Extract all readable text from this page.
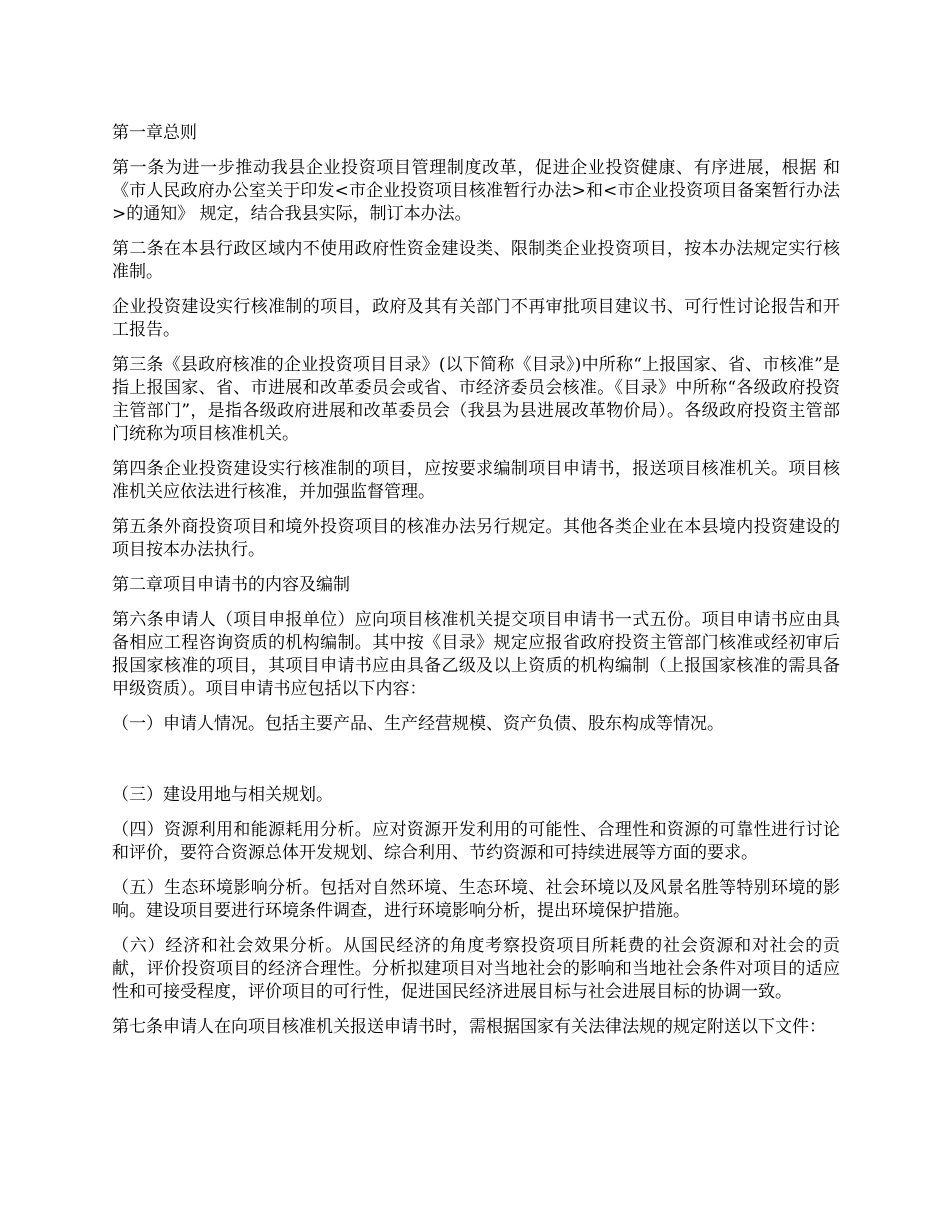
第一章总则

第一条为进一步推动我县企业投资项目管理制度改革，促进企业投资健康、有序进展，根据 和《市人民政府办公室关于印发<市企业投资项目核准暂行办法>和<市企业投资项目备案暂行办法>的通知》 规定，结合我县实际，制订本办法。

第二条在本县行政区域内不使用政府性资金建设类、限制类企业投资项目，按本办法规定实行核准制。

企业投资建设实行核准制的项目，政府及其有关部门不再审批项目建议书、可行性讨论报告和开工报告。

第三条《县政府核准的企业投资项目目录》(以下简称《目录》)中所称“上报国家、省、市核准”是指上报国家、省、市进展和改革委员会或省、市经济委员会核准。《目录》中所称“各级政府投资主管部门”，是指各级政府进展和改革委员会（我县为县进展改革物价局）。各级政府投资主管部门统称为项目核准机关。

第四条企业投资建设实行核准制的项目，应按要求编制项目申请书，报送项目核准机关。项目核准机关应依法进行核准，并加强监督管理。

第五条外商投资项目和境外投资项目的核准办法另行规定。其他各类企业在本县境内投资建设的项目按本办法执行。

第二章项目申请书的内容及编制

第六条申请人（项目申报单位）应向项目核准机关提交项目申请书一式五份。项目申请书应由具备相应工程咨询资质的机构编制。其中按《目录》规定应报省政府投资主管部门核准或经初审后报国家核准的项目，其项目申请书应由具备乙级及以上资质的机构编制（上报国家核准的需具备甲级资质）。项目申请书应包括以下内容：

（一）申请人情况。包括主要产品、生产经营规模、资产负债、股东构成等情况。

（三）建设用地与相关规划。

（四）资源利用和能源耗用分析。应对资源开发利用的可能性、合理性和资源的可靠性进行讨论和评价，要符合资源总体开发规划、综合利用、节约资源和可持续进展等方面的要求。

（五）生态环境影响分析。包括对自然环境、生态环境、社会环境以及风景名胜等特别环境的影响。建设项目要进行环境条件调查，进行环境影响分析，提出环境保护措施。

（六）经济和社会效果分析。从国民经济的角度考察投资项目所耗费的社会资源和对社会的贡献，评价投资项目的经济合理性。分析拟建项目对当地社会的影响和当地社会条件对项目的适应性和可接受程度，评价项目的可行性，促进国民经济进展目标与社会进展目标的协调一致。

第七条申请人在向项目核准机关报送申请书时，需根据国家有关法律法规的规定附送以下文件：
